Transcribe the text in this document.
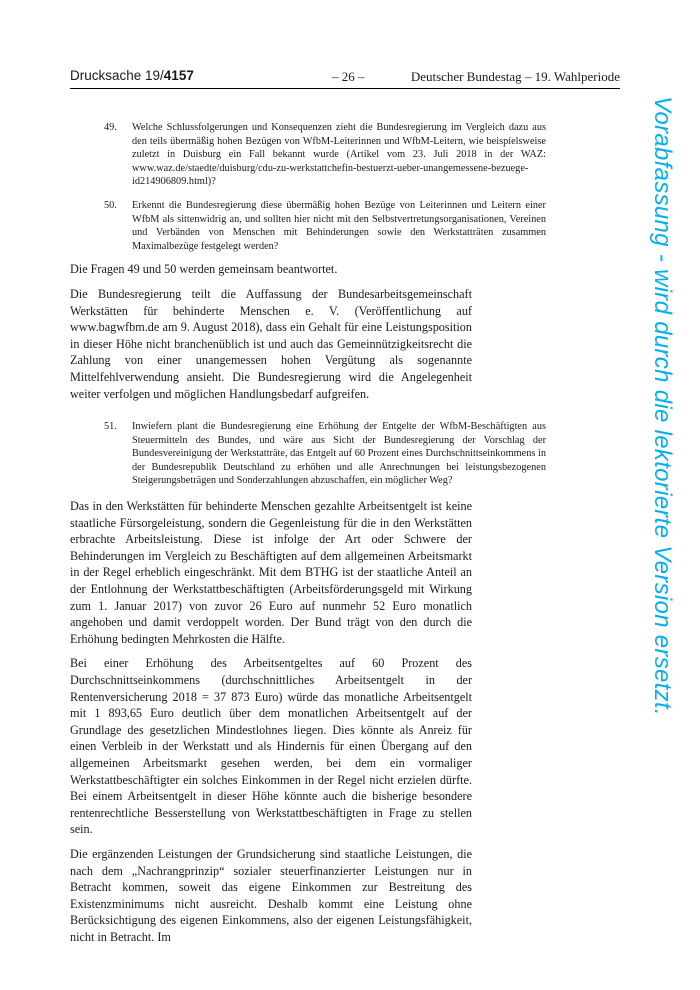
Drucksache 19/4157	– 26 –	Deutscher Bundestag – 19. Wahlperiode
49. Welche Schlussfolgerungen und Konsequenzen zieht die Bundesregierung im Vergleich dazu aus den teils übermäßig hohen Bezügen von WfbM-Leiterinnen und WfbM-Leitern, wie beispielsweise zuletzt in Duisburg ein Fall bekannt wurde (Artikel vom 23. Juli 2018 in der WAZ: www.waz.de/staedte/duisburg/cdu-zu-werkstattchefin-bestuerzt-ueber-unangemessene-bezuege-id214906809.html)?
50. Erkennt die Bundesregierung diese übermäßig hohen Bezüge von Leiterinnen und Leitern einer WfbM als sittenwidrig an, und sollten hier nicht mit den Selbstvertretungsorganisationen, Vereinen und Verbänden von Menschen mit Behinderungen sowie den Werkstatträten zusammen Maximalbezüge festgelegt werden?
Die Fragen 49 und 50 werden gemeinsam beantwortet.
Die Bundesregierung teilt die Auffassung der Bundesarbeitsgemeinschaft Werkstätten für behinderte Menschen e. V. (Veröffentlichung auf www.bagwfbm.de am 9. August 2018), dass ein Gehalt für eine Leistungsposition in dieser Höhe nicht branchenüblich ist und auch das Gemeinnützigkeitsrecht die Zahlung von einer unangemessen hohen Vergütung als sogenannte Mittelfehlverwendung ansieht. Die Bundesregierung wird die Angelegenheit weiter verfolgen und möglichen Handlungsbedarf aufgreifen.
51. Inwiefern plant die Bundesregierung eine Erhöhung der Entgelte der WfbM-Beschäftigten aus Steuermitteln des Bundes, und wäre aus Sicht der Bundesregierung der Vorschlag der Bundesvereinigung der Werkstatträte, das Entgelt auf 60 Prozent eines Durchschnittseinkommens in der Bundesrepublik Deutschland zu erhöhen und alle Anrechnungen bei leistungsbezogenen Steigerungsbeträgen und Sonderzahlungen abzuschaffen, ein möglicher Weg?
Das in den Werkstätten für behinderte Menschen gezahlte Arbeitsentgelt ist keine staatliche Fürsorgeleistung, sondern die Gegenleistung für die in den Werkstätten erbrachte Arbeitsleistung. Diese ist infolge der Art oder Schwere der Behinderungen im Vergleich zu Beschäftigten auf dem allgemeinen Arbeitsmarkt in der Regel erheblich eingeschränkt. Mit dem BTHG ist der staatliche Anteil an der Entlohnung der Werkstattbeschäftigten (Arbeitsförderungsgeld mit Wirkung zum 1. Januar 2017) von zuvor 26 Euro auf nunmehr 52 Euro monatlich angehoben und damit verdoppelt worden. Der Bund trägt von den durch die Erhöhung bedingten Mehrkosten die Hälfte.
Bei einer Erhöhung des Arbeitsentgeltes auf 60 Prozent des Durchschnittseinkommens (durchschnittliches Arbeitsentgelt in der Rentenversicherung 2018 = 37 873 Euro) würde das monatliche Arbeitsentgelt mit 1 893,65 Euro deutlich über dem monatlichen Arbeitsentgelt auf der Grundlage des gesetzlichen Mindestlohnes liegen. Dies könnte als Anreiz für einen Verbleib in der Werkstatt und als Hindernis für einen Übergang auf den allgemeinen Arbeitsmarkt gesehen werden, bei dem ein vormaliger Werkstattbeschäftigter ein solches Einkommen in der Regel nicht erzielen dürfte. Bei einem Arbeitsentgelt in dieser Höhe könnte auch die bisherige besondere rentenrechtliche Besserstellung von Werkstattbeschäftigten in Frage zu stellen sein.
Die ergänzenden Leistungen der Grundsicherung sind staatliche Leistungen, die nach dem „Nachrangprinzip“ sozialer steuerfinanzierter Leistungen nur in Betracht kommen, soweit das eigene Einkommen zur Bestreitung des Existenzminimums nicht ausreicht. Deshalb kommt eine Leistung ohne Berücksichtigung des eigenen Einkommens, also der eigenen Leistungsfähigkeit, nicht in Betracht. Im
Vorabfassung - wird durch die lektorierte Version ersetzt.
